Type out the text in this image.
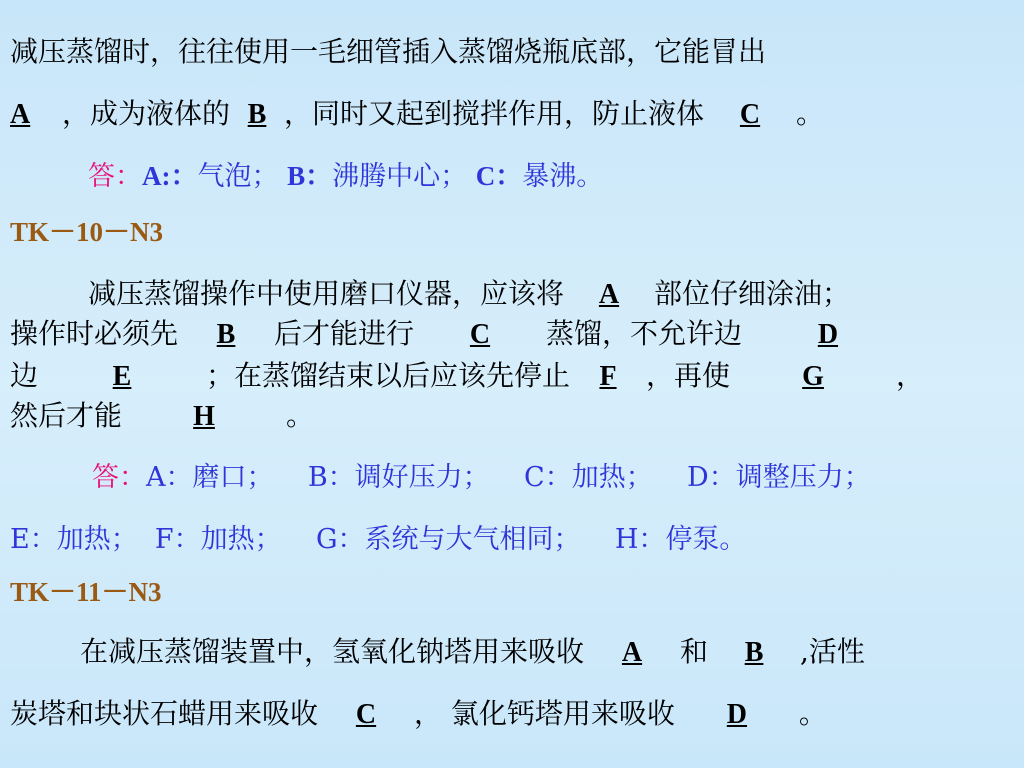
减压蒸馏时，往往使用一毛细管插入蒸馏烧瓶底部，它能冒出
A ，成为液体的 B ，同时又起到搅拌作用，防止液体 C 。
答：A:：气泡； B：沸腾中心； C：暴沸。
TK－10－N3
减压蒸馏操作中使用磨口仪器，应该将 A 部位仔细涂油；
操作时必须先 B 后才能进行 C 蒸馏，不允许边	D
边	E	；在蒸馏结束以后应该先停止 F ，再使	G	，
然后才能	H	。
答：A：磨口； B：调好压力； C：加热； D：调整压力；
E：加热； F：加热； G：系统与大气相同； H：停泵。
TK－11－N3
在减压蒸馏装置中，氢氧化钠塔用来吸收 A 和 B ,活性
炭塔和块状石蜡用来吸收 C ， 氯化钙塔用来吸收 D 。
